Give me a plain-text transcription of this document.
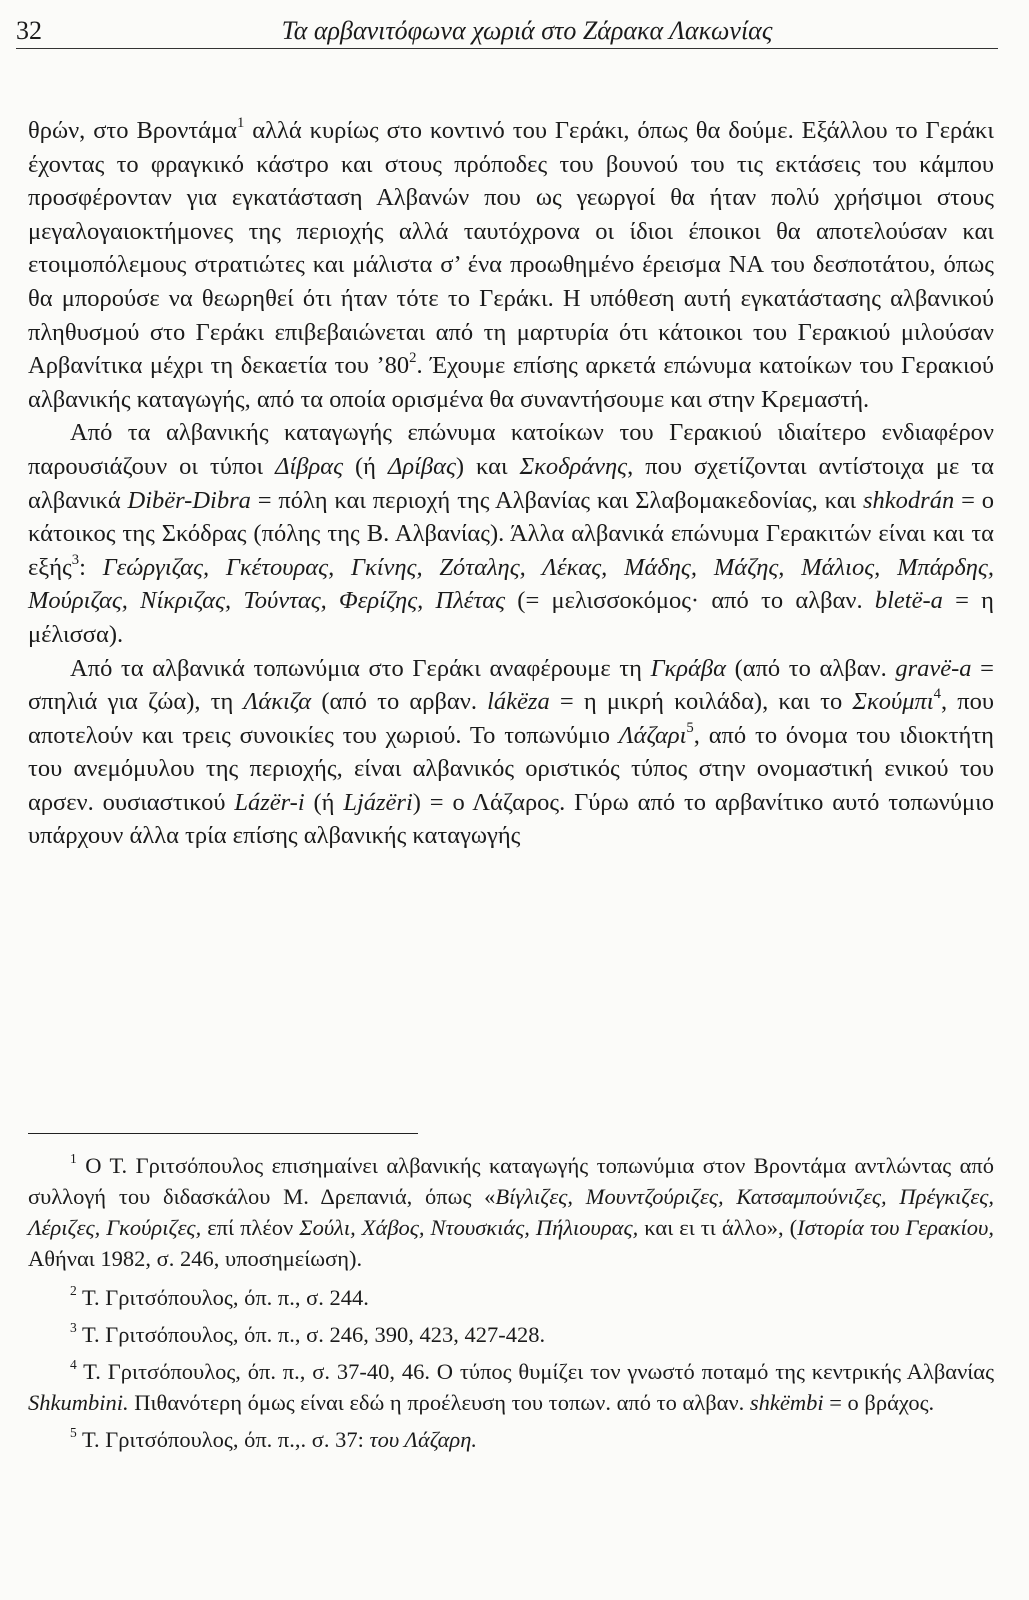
32	Τα αρβανιτόφωνα χωριά στο Ζάρακα Λακωνίας

θρών, στο Βροντάμα$^1$ αλλά κυρίως στο κοντινό του Γεράκι, όπως θα δούμε. Εξάλλου το Γεράκι έχοντας το φραγκικό κάστρο και στους πρόποδες του βουνού του τις εκτάσεις του κάμπου προσφέρονταν για εγκατάσταση Αλβανών που ως γεωργοί θα ήταν πολύ χρήσιμοι στους μεγαλογαιοκτήμονες της περιοχής αλλά ταυτόχρονα οι ίδιοι έποικοι θα αποτελούσαν και ετοιμοπόλεμους στρατιώτες και μάλιστα σ’ ένα προωθημένο έρεισμα ΝΑ του δεσποτάτου, όπως θα μπορούσε να θεωρηθεί ότι ήταν τότε το Γεράκι. Η υπόθεση αυτή εγκατάστασης αλβανικού πληθυσμού στο Γεράκι επιβεβαιώνεται από τη μαρτυρία ότι κάτοικοι του Γερακιού μιλούσαν Αρβανίτικα μέχρι τη δεκαετία του $’80^2$. Έχουμε επίσης αρκετά επώνυμα κατοίκων του Γερακιού αλβανικής καταγωγής, από τα οποία ορισμένα θα συναντήσουμε και στην Κρεμαστή.

Από τα αλβανικής καταγωγής επώνυμα κατοίκων του Γερακιού ιδιαίτερο ενδιαφέρον παρουσιάζουν οι τύποι Δίβρας (ή Δρίβας) και Σκοδράνης, που σχετίζονται αντίστοιχα με τα αλβανικά Dibër-Dibra = πόλη και περιοχή της Αλβανίας και Σλαβομακεδονίας, και shkodrán = ο κάτοικος της Σκόδρας (πόλης της Β. Αλβανίας). Άλλα αλβανικά επώνυμα Γερακιτών είναι και τα εξής$^3$: Γεώργιζας, Γκέτουρας, Γκίνης, Ζόταλης, Λέκας, Μάδης, Μάζης, Μάλιος, Μπάρδης, Μούριζας, Νίκριζας, Τούντας, Φερίζης, Πλέτας (= μελισσοκόμος· από το αλβαν. bletë-a = η μέλισσα).

Από τα αλβανικά τοπωνύμια στο Γεράκι αναφέρουμε τη Γκράβα (από το αλβαν. gravë-a = σπηλιά για ζώα), τη Λάκιζα (από το αρβαν. lákëza = η μικρή κοιλάδα), και το Σκούμπι$^4$, που αποτελούν και τρεις συνοικίες του χωριού. Το τοπωνύμιο Λάζαρι$^5$, από το όνομα του ιδιοκτήτη του ανεμόμυλου της περιοχής, είναι αλβανικός οριστικός τύπος στην ονομαστική ενικού του αρσεν. ουσιαστικού Lázër-i (ή Ljázëri) = ο Λάζαρος. Γύρω από το αρβανίτικο αυτό τοπωνύμιο υπάρχουν άλλα τρία επίσης αλβανικής καταγωγής

$^1$ Ο Τ. Γριτσόπουλος επισημαίνει αλβανικής καταγωγής τοπωνύμια στον Βροντάμα αντλώντας από συλλογή του διδασκάλου Μ. Δρεπανιά, όπως «Βίγλιζες, Μουντζούριζες, Κατσαμπούνιζες, Πρέγκιζες, Λέριζες, Γκούριζες, επί πλέον Σούλι, Χάβος, Ντουσκιάς, Πήλιουρας, και ει τι άλλο», (Ιστορία του Γερακίου, Αθήναι 1982, σ. 246, υποσημείωση).

$^2$ Τ. Γριτσόπουλος, όπ. π., σ. 244.

$^3$ Τ. Γριτσόπουλος, όπ. π., σ. 246, 390, 423, 427-428.

$^4$ Τ. Γριτσόπουλος, όπ. π., σ. 37-40, 46. Ο τύπος θυμίζει τον γνωστό ποταμό της κεντρικής Αλβανίας Shkumbini. Πιθανότερη όμως είναι εδώ η προέλευση του τοπων. από το αλβαν. shkëmbi = ο βράχος.

$^5$ Τ. Γριτσόπουλος, όπ. π.,. σ. 37: του Λάζαρη.
